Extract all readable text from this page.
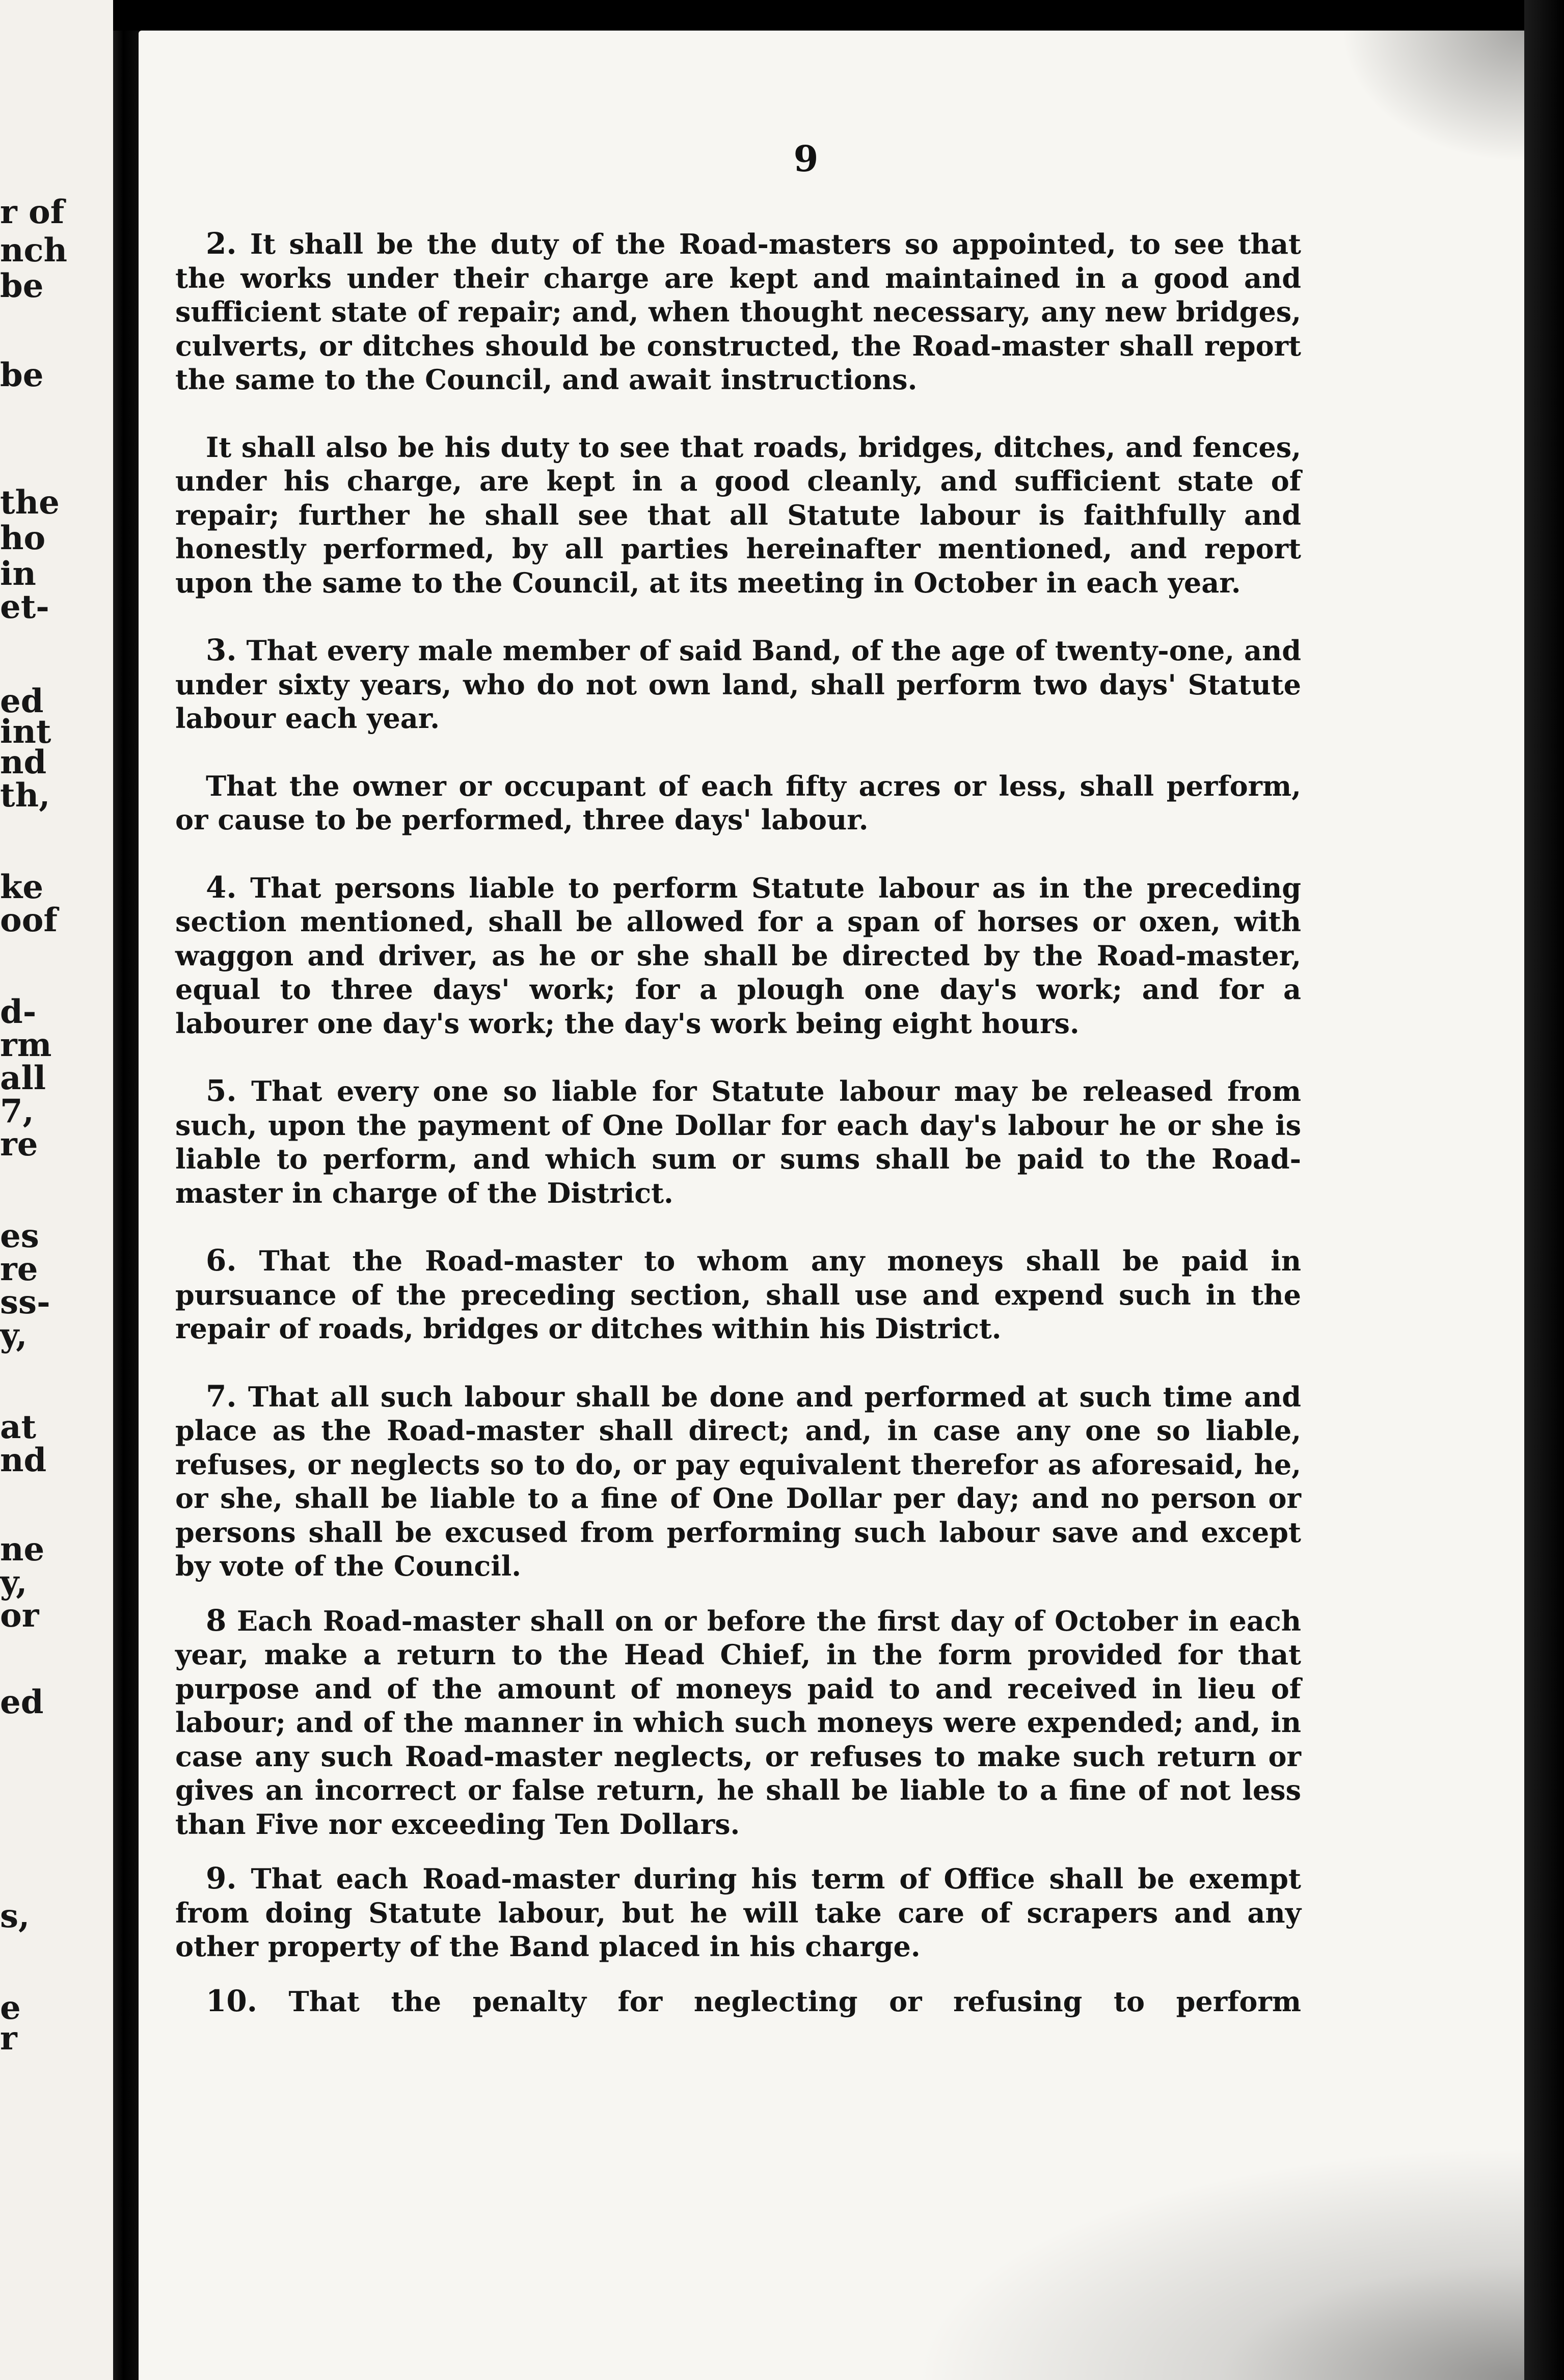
r of
nch
be
be
the
ho
in
et-
ed
int
nd
th,
ke
oof
d-
rm
all
7,
re
es
re
ss-
y,
at
nd
ne
y,
or
ed
s,
e
r
9

2. It shall be the duty of the Road-masters so appointed, to see that the works under their charge are kept and maintained in a good and sufficient state of repair; and, when thought necessary, any new bridges, culverts, or ditches should be constructed, the Road-master shall report the same to the Council, and await instructions.

It shall also be his duty to see that roads, bridges, ditches, and fences, under his charge, are kept in a good cleanly, and sufficient state of repair; further he shall see that all Statute labour is faithfully and honestly performed, by all parties hereinafter mentioned, and report upon the same to the Council, at its meeting in October in each year.

3. That every male member of said Band, of the age of twenty-one, and under sixty years, who do not own land, shall perform two days' Statute labour each year.

That the owner or occupant of each fifty acres or less, shall perform, or cause to be performed, three days' labour.

4. That persons liable to perform Statute labour as in the preceding section mentioned, shall be allowed for a span of horses or oxen, with waggon and driver, as he or she shall be directed by the Road-master, equal to three days' work; for a plough one day's work; and for a labourer one day's work; the day's work being eight hours.

5. That every one so liable for Statute labour may be released from such, upon the payment of One Dollar for each day's labour he or she is liable to perform, and which sum or sums shall be paid to the Road-master in charge of the District.

6. That the Road-master to whom any moneys shall be paid in pursuance of the preceding section, shall use and expend such in the repair of roads, bridges or ditches within his District.

7. That all such labour shall be done and performed at such time and place as the Road-master shall direct; and, in case any one so liable, refuses, or neglects so to do, or pay equivalent therefor as aforesaid, he, or she, shall be liable to a fine of One Dollar per day; and no person or persons shall be excused from performing such labour save and except by vote of the Council.

8 Each Road-master shall on or before the first day of October in each year, make a return to the Head Chief, in the form provided for that purpose and of the amount of moneys paid to and received in lieu of labour; and of the manner in which such moneys were expended; and, in case any such Road-master neglects, or refuses to make such return or gives an incorrect or false return, he shall be liable to a fine of not less than Five nor exceeding Ten Dollars.

9. That each Road-master during his term of Office shall be exempt from doing Statute labour, but he will take care of scrapers and any other property of the Band placed in his charge.

10. That the penalty for neglecting or refusing to perform
